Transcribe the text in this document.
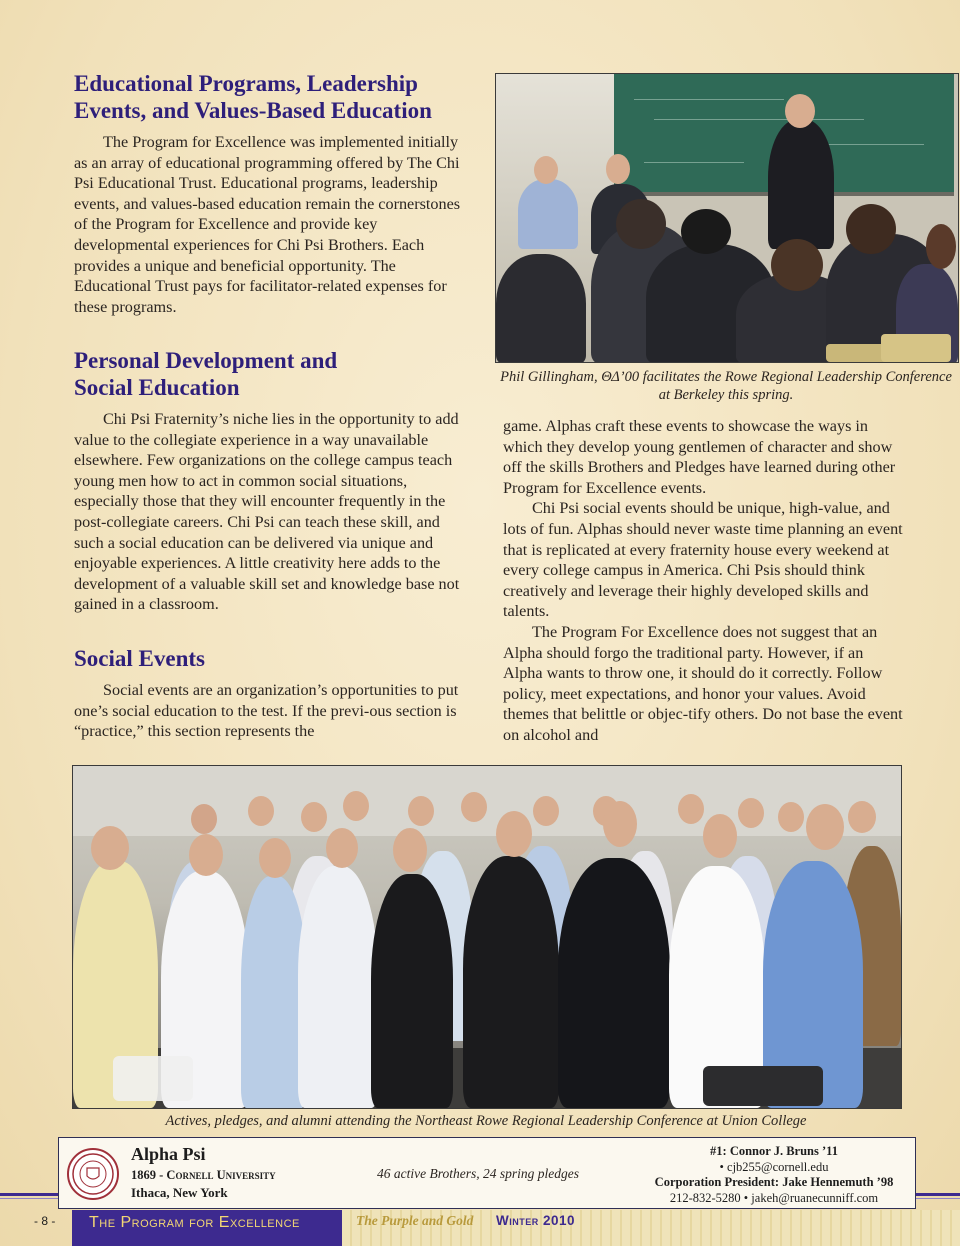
Educational Programs, Leadership Events, and Values-Based Education

The Program for Excellence was implemented initially as an array of educational programming offered by The Chi Psi Educational Trust. Educational programs, leadership events, and values-based education remain the cornerstones of the Program for Excellence and provide key developmental experiences for Chi Psi Brothers. Each provides a unique and beneficial opportunity. The Educational Trust pays for facilitator-related expenses for these programs.

Personal Development and Social Education

Chi Psi Fraternity’s niche lies in the opportunity to add value to the collegiate experience in a way unavailable elsewhere. Few organizations on the college campus teach young men how to act in common social situations, especially those that they will encounter frequently in the post-collegiate careers. Chi Psi can teach these skill, and such a social education can be delivered via unique and enjoyable experiences. A little creativity here adds to the development of a valuable skill set and knowledge base not gained in a classroom.

Social Events

Social events are an organization’s opportunities to put one’s social education to the test. If the previ-ous section is “practice,” this section represents the

Phil Gillingham, ΘΔ’00 facilitates the Rowe Regional Leadership Conference at Berkeley this spring.

game. Alphas craft these events to showcase the ways in which they develop young gentlemen of character and show off the skills Brothers and Pledges have learned during other Program for Excellence events.

Chi Psi social events should be unique, high-value, and lots of fun. Alphas should never waste time planning an event that is replicated at every fraternity house every weekend at every college campus in America. Chi Psis should think creatively and leverage their highly developed skills and talents.

The Program For Excellence does not suggest that an Alpha should forgo the traditional party. However, if an Alpha wants to throw one, it should do it correctly. Follow policy, meet expectations, and honor your values. Avoid themes that belittle or objec-tify others. Do not base the event on alcohol and

Actives, pledges, and alumni attending the Northeast Rowe Regional Leadership Conference at Union College
Alpha Psi
1869 - Cornell University
Ithaca, New York
46 active Brothers, 24 spring pledges
#1: Connor J. Bruns ’11
• cjb255@cornell.edu
Corporation President: Jake Hennemuth ’98
212-832-5280 • jakeh@ruanecunniff.com
- 8 - The Program for Excellence	The Purple and Gold Winter 2010
